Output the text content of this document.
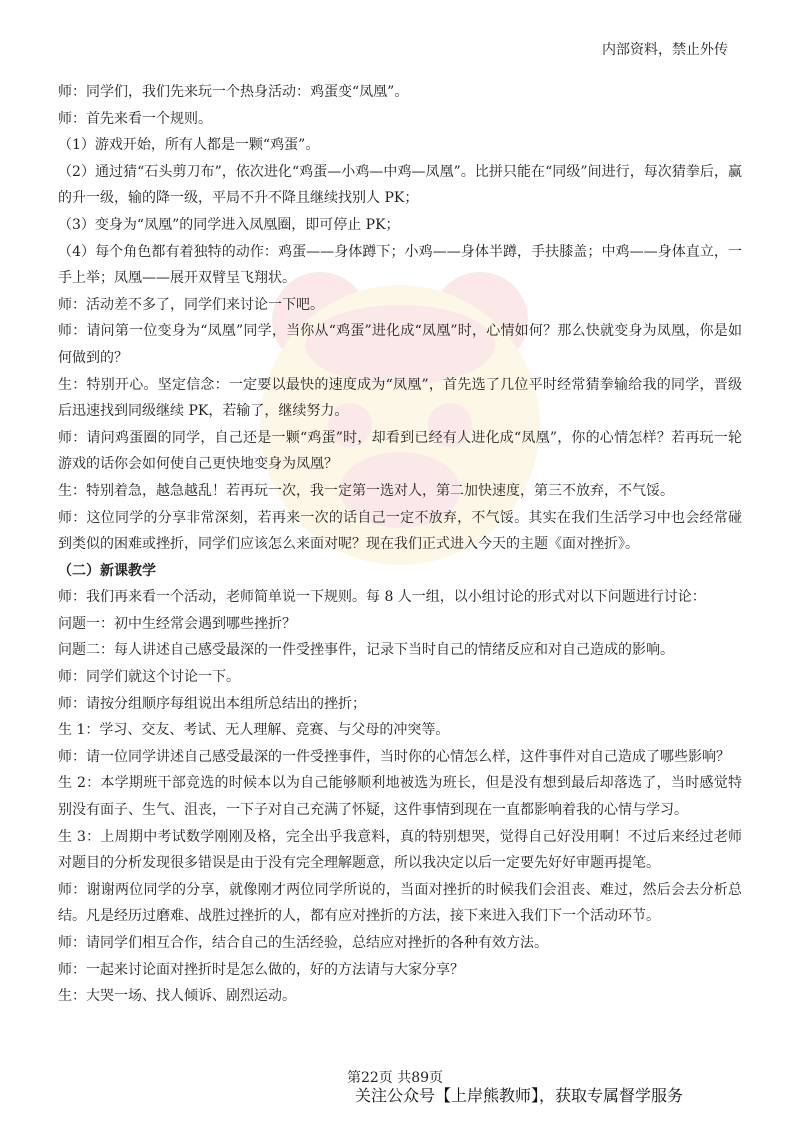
内部资料，禁止外传

师：同学们，我们先来玩一个热身活动：鸡蛋变“凤凰”。

师：首先来看一个规则。

（1）游戏开始，所有人都是一颗“鸡蛋”。

（2）通过猜“石头剪刀布”，依次进化“鸡蛋—小鸡—中鸡—凤凰”。比拼只能在“同级”间进行，每次猜拳后，赢的升一级，输的降一级，平局不升不降且继续找别人 PK；

（3）变身为“凤凰”的同学进入凤凰圈，即可停止 PK；

（4）每个角色都有着独特的动作：鸡蛋——身体蹲下；小鸡——身体半蹲，手扶膝盖；中鸡——身体直立，一手上举；凤凰——展开双臂呈飞翔状。

师：活动差不多了，同学们来讨论一下吧。

师：请问第一位变身为“凤凰”同学，当你从“鸡蛋”进化成“凤凰”时，心情如何？那么快就变身为凤凰，你是如何做到的？

生：特别开心。坚定信念：一定要以最快的速度成为“凤凰”，首先选了几位平时经常猜拳输给我的同学，晋级后迅速找到同级继续 PK，若输了，继续努力。

师：请问鸡蛋圈的同学，自己还是一颗“鸡蛋”时，却看到已经有人进化成“凤凰”，你的心情怎样？若再玩一轮游戏的话你会如何使自己更快地变身为凤凰？

生：特别着急，越急越乱！若再玩一次，我一定第一选对人，第二加快速度，第三不放弃，不气馁。

师：这位同学的分享非常深刻，若再来一次的话自己一定不放弃，不气馁。其实在我们生活学习中也会经常碰到类似的困难或挫折，同学们应该怎么来面对呢？现在我们正式进入今天的主题《面对挫折》。

（二）新课教学

师：我们再来看一个活动，老师简单说一下规则。每 8 人一组，以小组讨论的形式对以下问题进行讨论：

问题一：初中生经常会遇到哪些挫折？

问题二：每人讲述自己感受最深的一件受挫事件，记录下当时自己的情绪反应和对自己造成的影响。

师：同学们就这个讨论一下。

师：请按分组顺序每组说出本组所总结出的挫折；

生 1：学习、交友、考试、无人理解、竞赛、与父母的冲突等。

师：请一位同学讲述自己感受最深的一件受挫事件，当时你的心情怎么样，这件事件对自己造成了哪些影响？

生 2：本学期班干部竞选的时候本以为自己能够顺利地被选为班长，但是没有想到最后却落选了，当时感觉特别没有面子、生气、沮丧，一下子对自己充满了怀疑，这件事情到现在一直都影响着我的心情与学习。

生 3：上周期中考试数学刚刚及格，完全出乎我意料，真的特别想哭，觉得自己好没用啊！不过后来经过老师对题目的分析发现很多错误是由于没有完全理解题意，所以我决定以后一定要先好好审题再提笔。

师：谢谢两位同学的分享，就像刚才两位同学所说的，当面对挫折的时候我们会沮丧、难过，然后会去分析总结。凡是经历过磨难、战胜过挫折的人，都有应对挫折的方法，接下来进入我们下一个活动环节。

师：请同学们相互合作，结合自己的生活经验，总结应对挫折的各种有效方法。

师：一起来讨论面对挫折时是怎么做的，好的方法请与大家分享？

生：大哭一场、找人倾诉、剧烈运动。

第22页 共89页
关注公众号【上岸熊教师】，获取专属督学服务
